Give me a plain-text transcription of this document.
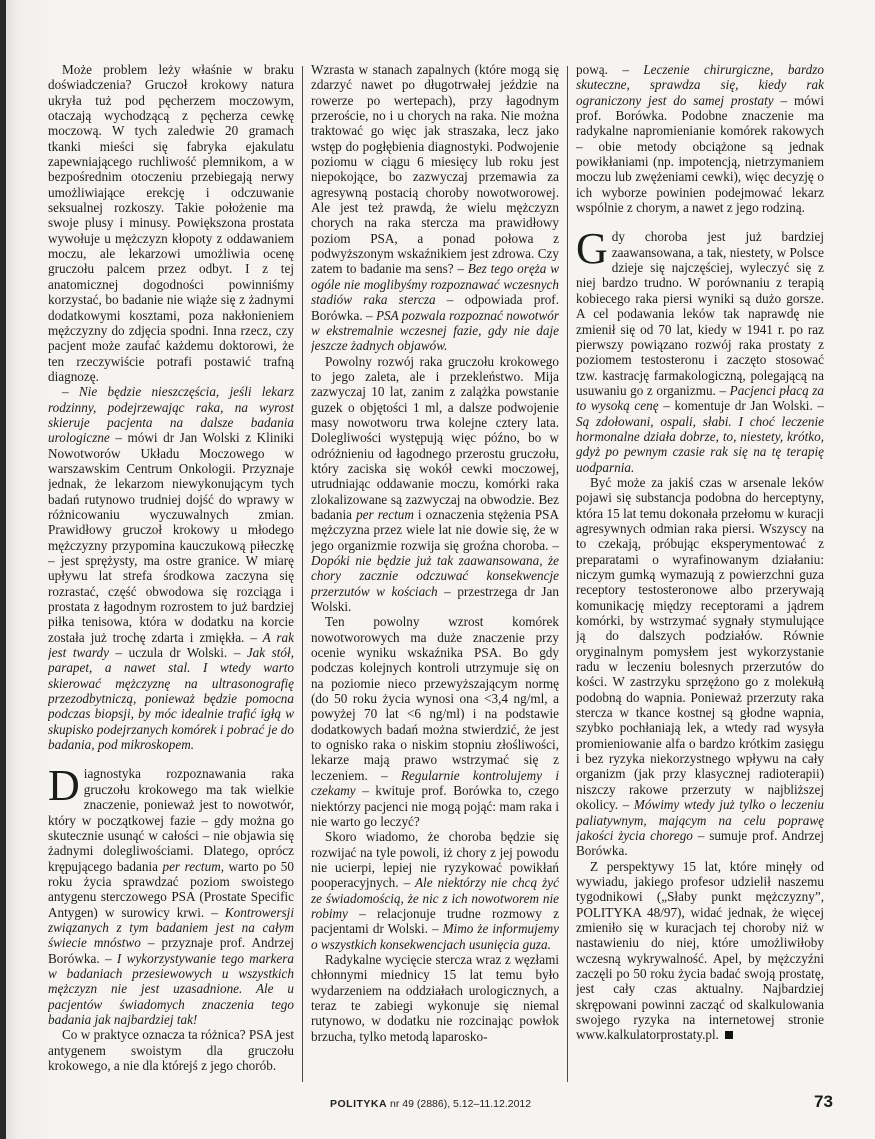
Może problem leży właśnie w braku doświadczenia? Gruczoł krokowy natura ukryła tuż pod pęcherzem moczowym, otaczają wychodzącą z pęcherza cewkę moczową. W tych zaledwie 20 gramach tkanki mieści się fabryka ejakulatu zapewniającego ruchliwość plemnikom, a w bezpośrednim otoczeniu przebiegają nerwy umożliwiające erekcję i odczuwanie seksualnej rozkoszy. Takie położenie ma swoje plusy i minusy. Powiększona prostata wywołuje u mężczyzn kłopoty z oddawaniem moczu, ale lekarzowi umożliwia ocenę gruczołu palcem przez odbyt. I z tej anatomicznej dogodności powinniśmy korzystać, bo badanie nie wiąże się z żadnymi dodatkowymi kosztami, poza nakłonieniem mężczyzny do zdjęcia spodni. Inna rzecz, czy pacjent może zaufać każdemu doktorowi, że ten rzeczywiście potrafi postawić trafną diagnozę.

– Nie będzie nieszczęścia, jeśli lekarz rodzinny, podejrzewając raka, na wyrost skieruje pacjenta na dalsze badania urologiczne – mówi dr Jan Wolski z Kliniki Nowotworów Układu Moczowego w warszawskim Centrum Onkologii. Przyznaje jednak, że lekarzom niewykonującym tych badań rutynowo trudniej dojść do wprawy w różnicowaniu wyczuwalnych zmian. Prawidłowy gruczoł krokowy u młodego mężczyzny przypomina kauczukową piłeczkę – jest sprężysty, ma ostre granice. W miarę upływu lat strefa środkowa zaczyna się rozrastać, część obwodowa się rozciąga i prostata z łagodnym rozrostem to już bardziej piłka tenisowa, która w dodatku na korcie została już trochę zdarta i zmiękła. – A rak jest twardy – uczula dr Wolski. – Jak stół, parapet, a nawet stal. I wtedy warto skierować mężczyznę na ultrasonografię przezodbytniczą, ponieważ będzie pomocna podczas biopsji, by móc idealnie trafić igłą w skupisko podejrzanych komórek i pobrać je do badania, pod mikroskopem.

Diagnostyka rozpoznawania raka gruczołu krokowego ma tak wielkie znaczenie, ponieważ jest to nowotwór, który w początkowej fazie – gdy można go skutecznie usunąć w całości – nie objawia się żadnymi dolegliwościami. Dlatego, oprócz krępującego badania per rectum, warto po 50 roku życia sprawdzać poziom swoistego antygenu sterczowego PSA (Prostate Specific Antygen) w surowicy krwi. – Kontrowersji związanych z tym badaniem jest na całym świecie mnóstwo – przyznaje prof. Andrzej Borówka. – I wykorzystywanie tego markera w badaniach przesiewowych u wszystkich mężczyzn nie jest uzasadnione. Ale u pacjentów świadomych znaczenia tego badania jak najbardziej tak!

Co w praktyce oznacza ta różnica? PSA jest antygenem swoistym dla gruczołu krokowego, a nie dla którejś z jego chorób.

Wzrasta w stanach zapalnych (które mogą się zdarzyć nawet po długotrwałej jeździe na rowerze po wertepach), przy łagodnym przeroście, no i u chorych na raka. Nie można traktować go więc jak straszaka, lecz jako wstęp do pogłębienia diagnostyki. Podwojenie poziomu w ciągu 6 miesięcy lub roku jest niepokojące, bo zazwyczaj przemawia za agresywną postacią choroby nowotworowej. Ale jest też prawdą, że wielu mężczyzn chorych na raka stercza ma prawidłowy poziom PSA, a ponad połowa z podwyższonym wskaźnikiem jest zdrowa. Czy zatem to badanie ma sens? – Bez tego oręża w ogóle nie moglibyśmy rozpoznawać wczesnych stadiów raka stercza – odpowiada prof. Borówka. – PSA pozwala rozpoznać nowotwór w ekstremalnie wczesnej fazie, gdy nie daje jeszcze żadnych objawów.

Powolny rozwój raka gruczołu krokowego to jego zaleta, ale i przekleństwo. Mija zazwyczaj 10 lat, zanim z zalążka powstanie guzek o objętości 1 ml, a dalsze podwojenie masy nowotworu trwa kolejne cztery lata. Dolegliwości występują więc późno, bo w odróżnieniu od łagodnego przerostu gruczołu, który zaciska się wokół cewki moczowej, utrudniając oddawanie moczu, komórki raka zlokalizowane są zazwyczaj na obwodzie. Bez badania per rectum i oznaczenia stężenia PSA mężczyzna przez wiele lat nie dowie się, że w jego organizmie rozwija się groźna choroba. – Dopóki nie będzie już tak zaawansowana, że chory zacznie odczuwać konsekwencje przerzutów w kościach – przestrzega dr Jan Wolski.

Ten powolny wzrost komórek nowotworowych ma duże znaczenie przy ocenie wyniku wskaźnika PSA. Bo gdy podczas kolejnych kontroli utrzymuje się on na poziomie nieco przewyższającym normę (do 50 roku życia wynosi ona <3,4 ng/ml, a powyżej 70 lat <6 ng/ml) i na podstawie dodatkowych badań można stwierdzić, że jest to ognisko raka o niskim stopniu złośliwości, lekarze mają prawo wstrzymać się z leczeniem. – Regularnie kontrolujemy i czekamy – kwituje prof. Borówka to, czego niektórzy pacjenci nie mogą pojąć: mam raka i nie warto go leczyć?

Skoro wiadomo, że choroba będzie się rozwijać na tyle powoli, iż chory z jej powodu nie ucierpi, lepiej nie ryzykować powikłań pooperacyjnych. – Ale niektórzy nie chcą żyć ze świadomością, że nic z ich nowotworem nie robimy – relacjonuje trudne rozmowy z pacjentami dr Wolski. – Mimo że informujemy o wszystkich konsekwencjach usunięcia guza.

Radykalne wycięcie stercza wraz z węzłami chłonnymi miednicy 15 lat temu było wydarzeniem na oddziałach urologicznych, a teraz te zabiegi wykonuje się niemal rutynowo, w dodatku nie rozcinając powłok brzucha, tylko metodą laparosko-

pową. – Leczenie chirurgiczne, bardzo skuteczne, sprawdza się, kiedy rak ograniczony jest do samej prostaty – mówi prof. Borówka. Podobne znaczenie ma radykalne napromienianie komórek rakowych – obie metody obciążone są jednak powikłaniami (np. impotencją, nietrzymaniem moczu lub zwężeniami cewki), więc decyzję o ich wyborze powinien podejmować lekarz wspólnie z chorym, a nawet z jego rodziną.

Gdy choroba jest już bardziej zaawansowana, a tak, niestety, w Polsce dzieje się najczęściej, wyleczyć się z niej bardzo trudno. W porównaniu z terapią kobiecego raka piersi wyniki są dużo gorsze. A cel podawania leków tak naprawdę nie zmienił się od 70 lat, kiedy w 1941 r. po raz pierwszy powiązano rozwój raka prostaty z poziomem testosteronu i zaczęto stosować tzw. kastrację farmakologiczną, polegającą na usuwaniu go z organizmu. – Pacjenci płacą za to wysoką cenę – komentuje dr Jan Wolski. – Są zdołowani, ospali, słabi. I choć leczenie hormonalne działa dobrze, to, niestety, krótko, gdyż po pewnym czasie rak się na tę terapię uodparnia.

Być może za jakiś czas w arsenale leków pojawi się substancja podobna do herceptyny, która 15 lat temu dokonała przełomu w kuracji agresywnych odmian raka piersi. Wszyscy na to czekają, próbując eksperymentować z preparatami o wyrafinowanym działaniu: niczym gumką wymazują z powierzchni guza receptory testosteronowe albo przerywają komunikację między receptorami a jądrem komórki, by wstrzymać sygnały stymulujące ją do dalszych podziałów. Równie oryginalnym pomysłem jest wykorzystanie radu w leczeniu bolesnych przerzutów do kości. W zastrzyku sprzężono go z molekułą podobną do wapnia. Ponieważ przerzuty raka stercza w tkance kostnej są głodne wapnia, szybko pochłaniają lek, a wtedy rad wysyła promieniowanie alfa o bardzo krótkim zasięgu i bez ryzyka niekorzystnego wpływu na cały organizm (jak przy klasycznej radioterapii) niszczy rakowe przerzuty w najbliższej okolicy. – Mówimy wtedy już tylko o leczeniu paliatywnym, mającym na celu poprawę jakości życia chorego – sumuje prof. Andrzej Borówka.

Z perspektywy 15 lat, które minęły od wywiadu, jakiego profesor udzielił naszemu tygodnikowi („Słaby punkt mężczyzny”, POLITYKA 48/97), widać jednak, że więcej zmieniło się w kuracjach tej choroby niż w nastawieniu do niej, które umożliwiłoby wczesną wykrywalność. Apel, by mężczyźni zaczęli po 50 roku życia badać swoją prostatę, jest cały czas aktualny. Najbardziej skrępowani powinni zacząć od skalkulowania swojego ryzyka na internetowej stronie www.kalkulatorprostaty.pl.

POLITYKA nr 49 (2886), 5.12–11.12.2012	73
